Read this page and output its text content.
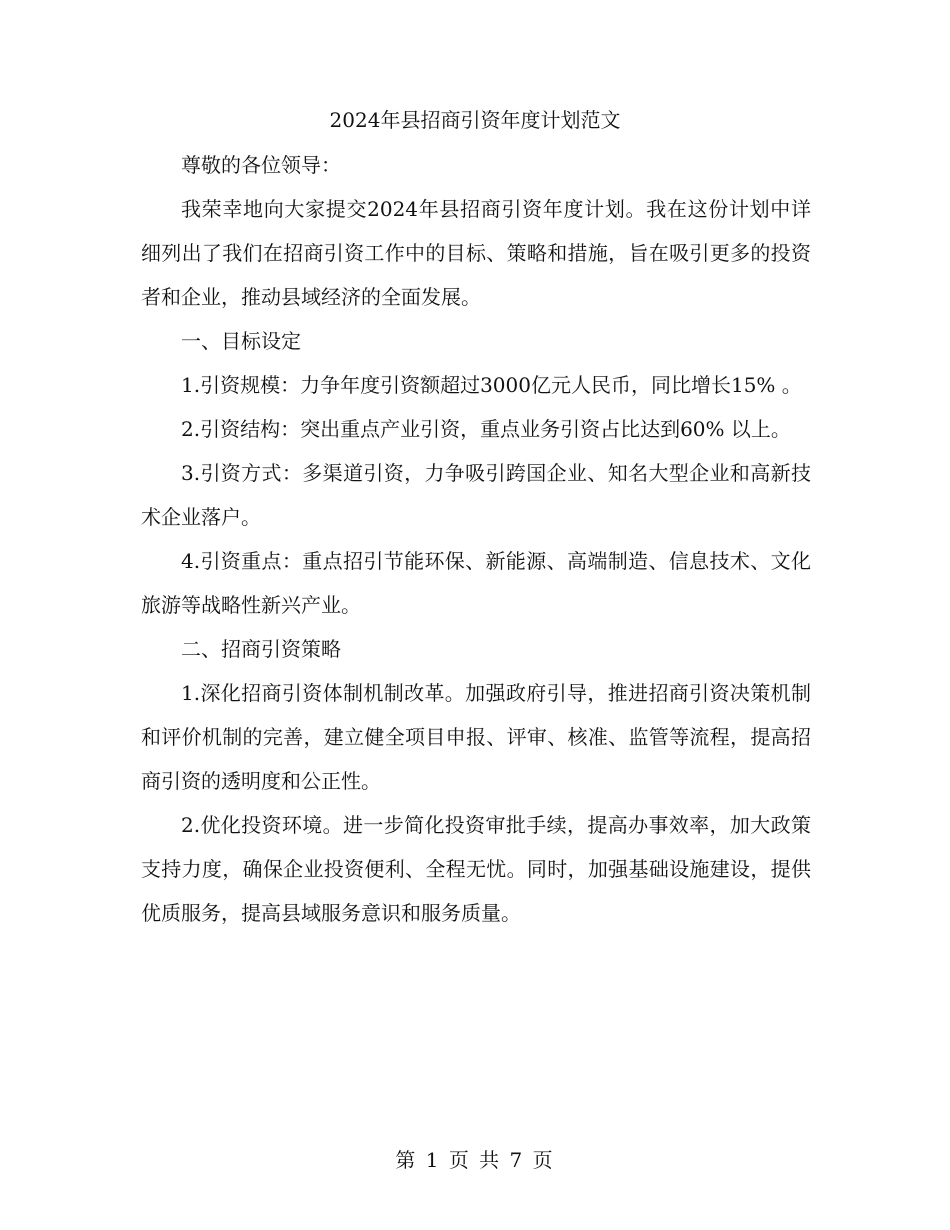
2024年县招商引资年度计划范文

尊敬的各位领导：

我荣幸地向大家提交2024年县招商引资年度计划。我在这份计划中详细列出了我们在招商引资工作中的目标、策略和措施，旨在吸引更多的投资者和企业，推动县域经济的全面发展。

一、目标设定

1.引资规模：力争年度引资额超过3000亿元人民币，同比增长15% 。

2.引资结构：突出重点产业引资，重点业务引资占比达到60% 以上。

3.引资方式：多渠道引资，力争吸引跨国企业、知名大型企业和高新技术企业落户。

4.引资重点：重点招引节能环保、新能源、高端制造、信息技术、文化旅游等战略性新兴产业。

二、招商引资策略

1.深化招商引资体制机制改革。加强政府引导，推进招商引资决策机制和评价机制的完善，建立健全项目申报、评审、核准、监管等流程，提高招商引资的透明度和公正性。

2.优化投资环境。进一步简化投资审批手续，提高办事效率，加大政策支持力度，确保企业投资便利、全程无忧。同时，加强基础设施建设，提供优质服务，提高县域服务意识和服务质量。

第 1 页 共 7 页
